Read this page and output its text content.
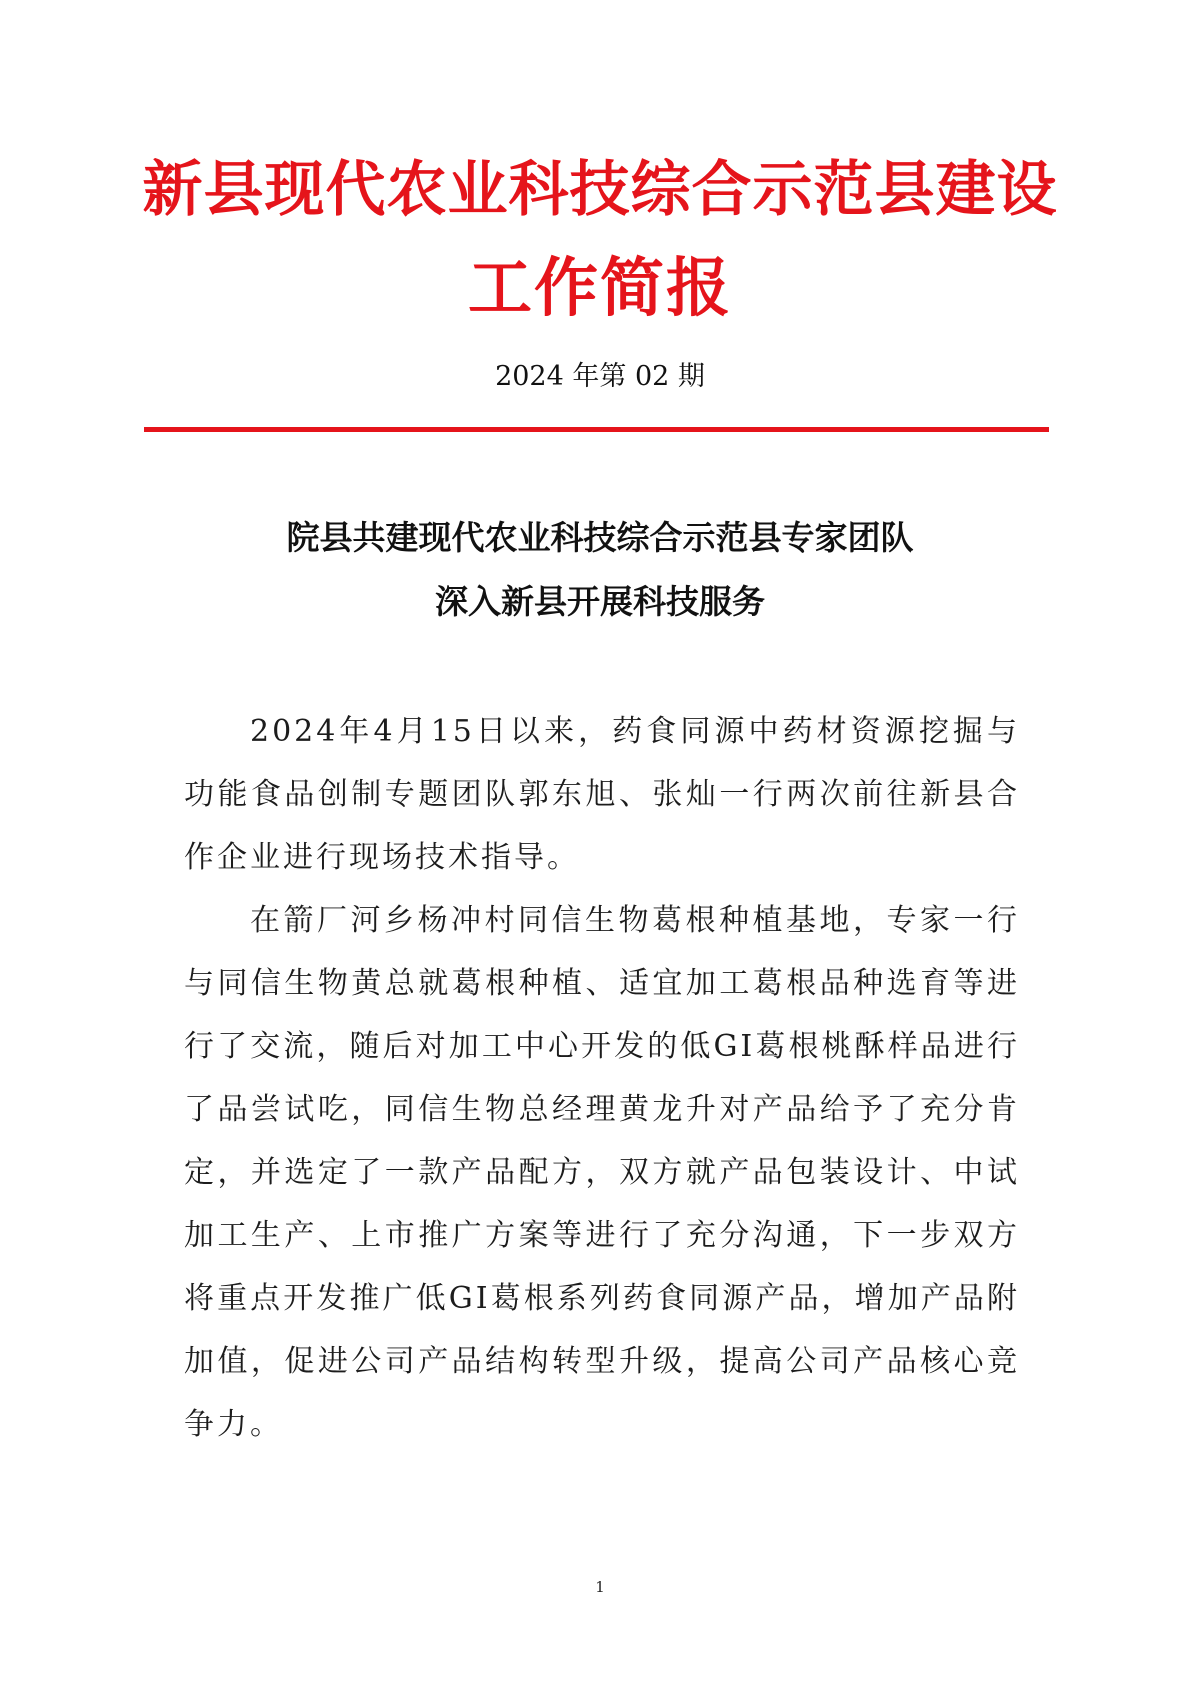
新县现代农业科技综合示范县建设
工作简报
2024 年第 02 期
院县共建现代农业科技综合示范县专家团队
深入新县开展科技服务

2024年4月15日以来，药食同源中药材资源挖掘与功能食品创制专题团队郭东旭、张灿一行两次前往新县合作企业进行现场技术指导。

在箭厂河乡杨冲村同信生物葛根种植基地，专家一行与同信生物黄总就葛根种植、适宜加工葛根品种选育等进行了交流，随后对加工中心开发的低GI葛根桃酥样品进行了品尝试吃，同信生物总经理黄龙升对产品给予了充分肯定，并选定了一款产品配方，双方就产品包装设计、中试加工生产、上市推广方案等进行了充分沟通，下一步双方将重点开发推广低GI葛根系列药食同源产品，增加产品附加值，促进公司产品结构转型升级，提高公司产品核心竞争力。

1
